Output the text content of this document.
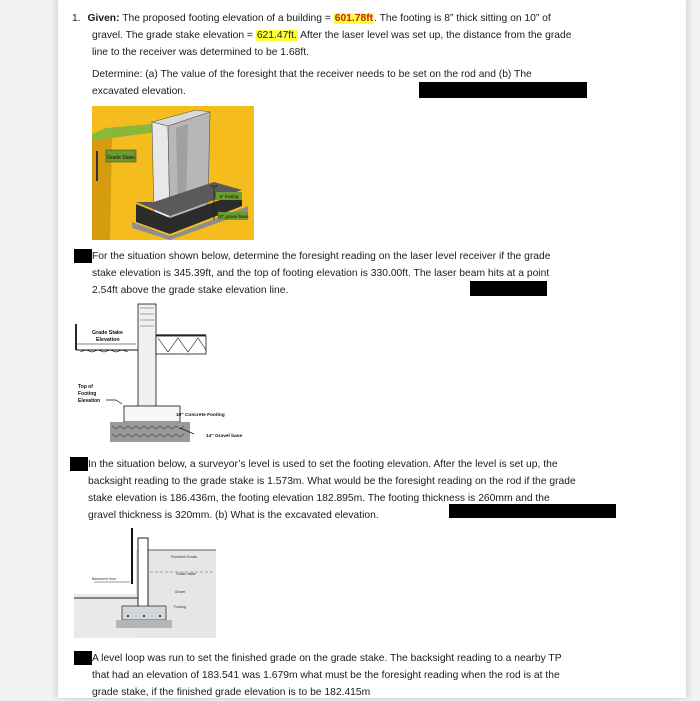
1. Given: The proposed footing elevation of a building = 601.78ft. The footing is 8” thick sitting on 10” of

gravel. The grade stake elevation = 621.47ft. After the laser level was set up, the distance from the grade

line to the receiver was determined to be 1.68ft.

Determine: (a) The value of the foresight that the receiver needs to be set on the rod and (b) The

excavated elevation.

Grade Stake
8" footing
10" gravel base

For the situation shown below, determine the foresight reading on the laser level receiver if the grade

stake elevation is 345.39ft, and the top of footing elevation is 330.00ft. The laser beam hits at a point

2.54ft above the grade stake elevation line.

Grade Stake
Elevation
Top of
Footing
Elevation
10" Concrete Footing
14" Gravel base

In the situation below, a surveyor’s level is used to set the footing elevation. After the level is set up, the

backsight reading to the grade stake is 1.573m. What would be the foresight reading on the rod if the grade

stake elevation is 186.436m, the footing elevation 182.895m. The footing thickness is 260mm and the

gravel thickness is 320mm. (b) What is the excavated elevation.

Finished Grade
Grade stake
Basement floor
Gravel
Footing

A level loop was run to set the finished grade on the grade stake. The backsight reading to a nearby TP

that had an elevation of 183.541 was 1.679m what must be the foresight reading when the rod is at the

grade stake, if the finished grade elevation is to be 182.415m
